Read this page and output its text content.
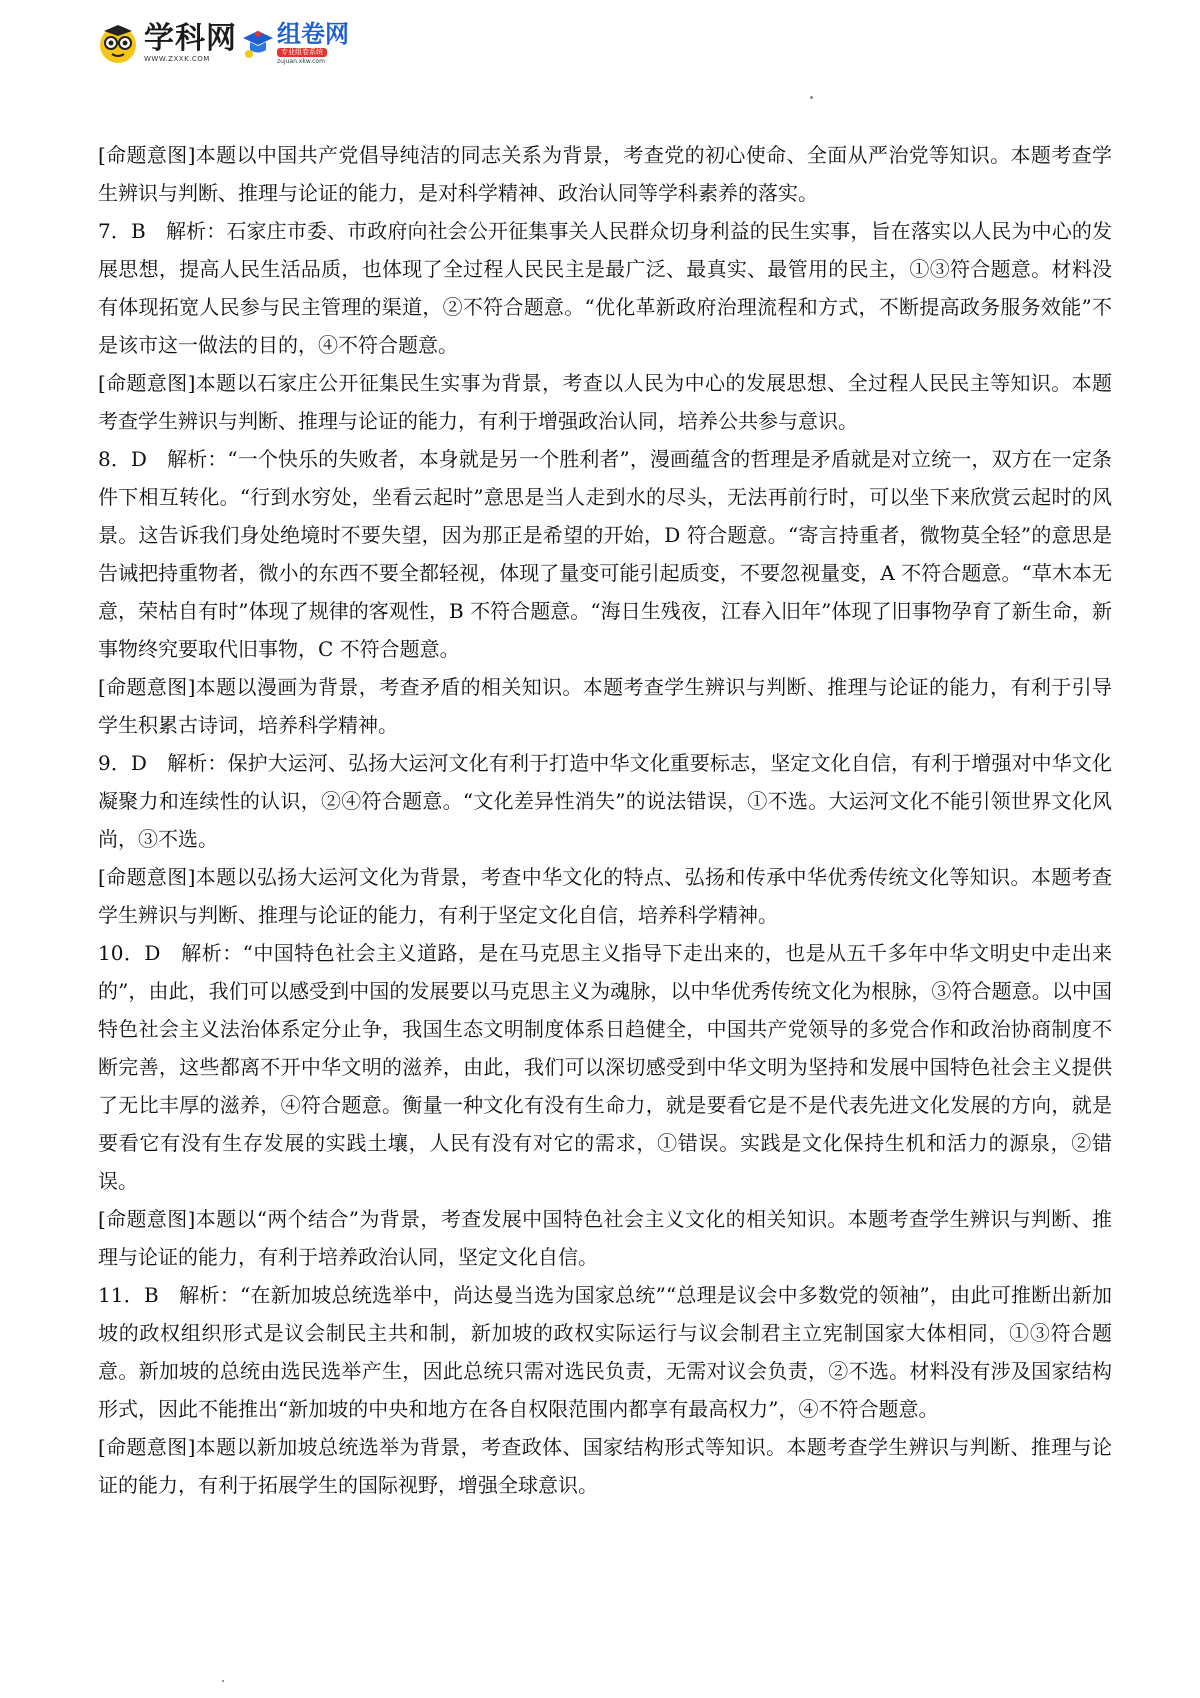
学科网
WWW.ZXXK.COM
组卷网
专业组卷系统
zujuan.xkw.com

[命题意图]本题以中国共产党倡导纯洁的同志关系为背景，考查党的初心使命、全面从严治党等知识。本题考查学生辨识与判断、推理与论证的能力，是对科学精神、政治认同等学科素养的落实。

7．B　解析：石家庄市委、市政府向社会公开征集事关人民群众切身利益的民生实事，旨在落实以人民为中心的发展思想，提高人民生活品质，也体现了全过程人民民主是最广泛、最真实、最管用的民主，①③符合题意。材料没有体现拓宽人民参与民主管理的渠道，②不符合题意。“优化革新政府治理流程和方式，不断提高政务服务效能”不是该市这一做法的目的，④不符合题意。

[命题意图]本题以石家庄公开征集民生实事为背景，考查以人民为中心的发展思想、全过程人民民主等知识。本题考查学生辨识与判断、推理与论证的能力，有利于增强政治认同，培养公共参与意识。

8．D　解析：“一个快乐的失败者，本身就是另一个胜利者”，漫画蕴含的哲理是矛盾就是对立统一，双方在一定条件下相互转化。“行到水穷处，坐看云起时”意思是当人走到水的尽头，无法再前行时，可以坐下来欣赏云起时的风景。这告诉我们身处绝境时不要失望，因为那正是希望的开始，D 符合题意。“寄言持重者，微物莫全轻”的意思是告诫把持重物者，微小的东西不要全都轻视，体现了量变可能引起质变，不要忽视量变，A 不符合题意。“草木本无意，荣枯自有时”体现了规律的客观性，B 不符合题意。“海日生残夜，江春入旧年”体现了旧事物孕育了新生命，新事物终究要取代旧事物，C 不符合题意。

[命题意图]本题以漫画为背景，考查矛盾的相关知识。本题考查学生辨识与判断、推理与论证的能力，有利于引导学生积累古诗词，培养科学精神。

9．D　解析：保护大运河、弘扬大运河文化有利于打造中华文化重要标志，坚定文化自信，有利于增强对中华文化凝聚力和连续性的认识，②④符合题意。“文化差异性消失”的说法错误，①不选。大运河文化不能引领世界文化风尚，③不选。

[命题意图]本题以弘扬大运河文化为背景，考查中华文化的特点、弘扬和传承中华优秀传统文化等知识。本题考查学生辨识与判断、推理与论证的能力，有利于坚定文化自信，培养科学精神。

10．D　解析：“中国特色社会主义道路，是在马克思主义指导下走出来的，也是从五千多年中华文明史中走出来的”，由此，我们可以感受到中国的发展要以马克思主义为魂脉，以中华优秀传统文化为根脉，③符合题意。以中国特色社会主义法治体系定分止争，我国生态文明制度体系日趋健全，中国共产党领导的多党合作和政治协商制度不断完善，这些都离不开中华文明的滋养，由此，我们可以深切感受到中华文明为坚持和发展中国特色社会主义提供了无比丰厚的滋养，④符合题意。衡量一种文化有没有生命力，就是要看它是不是代表先进文化发展的方向，就是要看它有没有生存发展的实践土壤，人民有没有对它的需求，①错误。实践是文化保持生机和活力的源泉，②错误。

[命题意图]本题以“两个结合”为背景，考查发展中国特色社会主义文化的相关知识。本题考查学生辨识与判断、推理与论证的能力，有利于培养政治认同，坚定文化自信。

11．B　解析：“在新加坡总统选举中，尚达曼当选为国家总统”“总理是议会中多数党的领袖”，由此可推断出新加坡的政权组织形式是议会制民主共和制，新加坡的政权实际运行与议会制君主立宪制国家大体相同，①③符合题意。新加坡的总统由选民选举产生，因此总统只需对选民负责，无需对议会负责，②不选。材料没有涉及国家结构形式，因此不能推出“新加坡的中央和地方在各自权限范围内都享有最高权力”，④不符合题意。

[命题意图]本题以新加坡总统选举为背景，考查政体、国家结构形式等知识。本题考查学生辨识与判断、推理与论证的能力，有利于拓展学生的国际视野，增强全球意识。
